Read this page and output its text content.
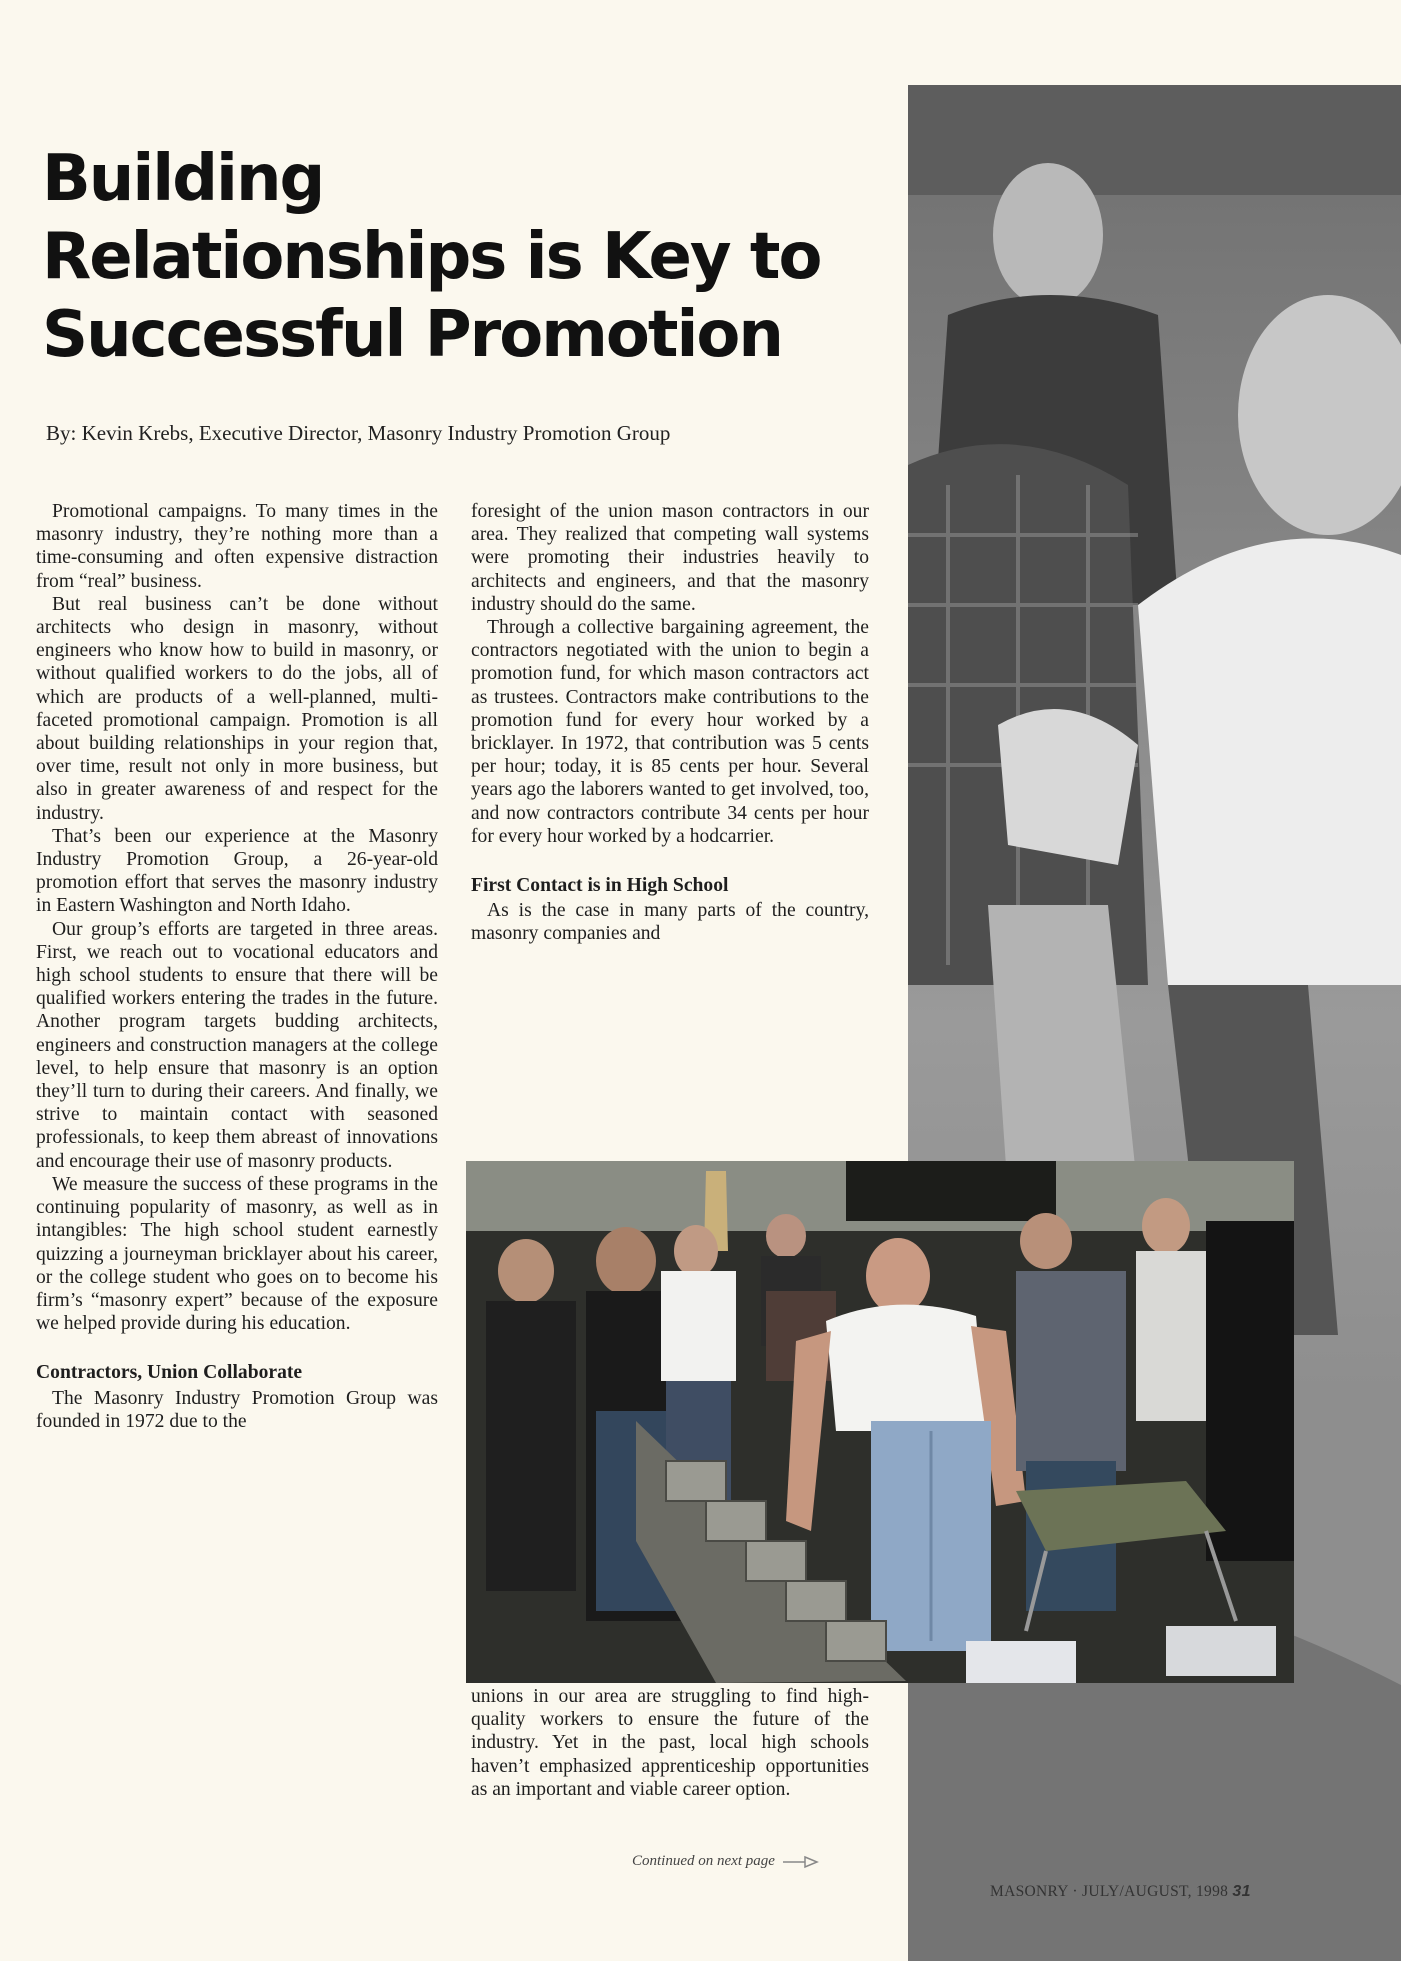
Building
Relationships is Key to
Successful Promotion
By: Kevin Krebs, Executive Director, Masonry Industry Promotion Group

Promotional campaigns. To many times in the masonry industry, they’re nothing more than a time-consuming and often expensive distraction from “real” business.

But real business can’t be done without architects who design in masonry, without engineers who know how to build in masonry, or without qualified workers to do the jobs, all of which are products of a well-planned, multi-faceted promotional campaign. Promotion is all about building relationships in your region that, over time, result not only in more business, but also in greater awareness of and respect for the industry.

That’s been our experience at the Masonry Industry Promotion Group, a 26-year-old promotion effort that serves the masonry industry in Eastern Washington and North Idaho.

Our group’s efforts are targeted in three areas. First, we reach out to vocational educators and high school students to ensure that there will be qualified workers entering the trades in the future. Another program targets budding architects, engineers and construction managers at the college level, to help ensure that masonry is an option they’ll turn to during their careers. And finally, we strive to maintain contact with seasoned professionals, to keep them abreast of innovations and encourage their use of masonry products.

We measure the success of these programs in the continuing popularity of masonry, as well as in intangibles: The high school student earnestly quizzing a journeyman bricklayer about his career, or the college student who goes on to become his firm’s “masonry expert” because of the exposure we helped provide during his education.

Contractors, Union Collaborate

The Masonry Industry Promotion Group was founded in 1972 due to the

foresight of the union mason contractors in our area. They realized that competing wall systems were promoting their industries heavily to architects and engineers, and that the masonry industry should do the same.

Through a collective bargaining agreement, the contractors negotiated with the union to begin a promotion fund, for which mason contractors act as trustees. Contractors make contributions to the promotion fund for every hour worked by a bricklayer. In 1972, that contribution was 5 cents per hour; today, it is 85 cents per hour. Several years ago the laborers wanted to get involved, too, and now contractors contribute 34 cents per hour for every hour worked by a hodcarrier.

First Contact is in High School

As is the case in many parts of the country, masonry companies and

unions in our area are struggling to find high-quality workers to ensure the future of the industry. Yet in the past, local high schools haven’t emphasized apprenticeship opportunities as an important and viable career option.

Continued on next page
MASONRY · JULY/AUGUST, 1998 31
